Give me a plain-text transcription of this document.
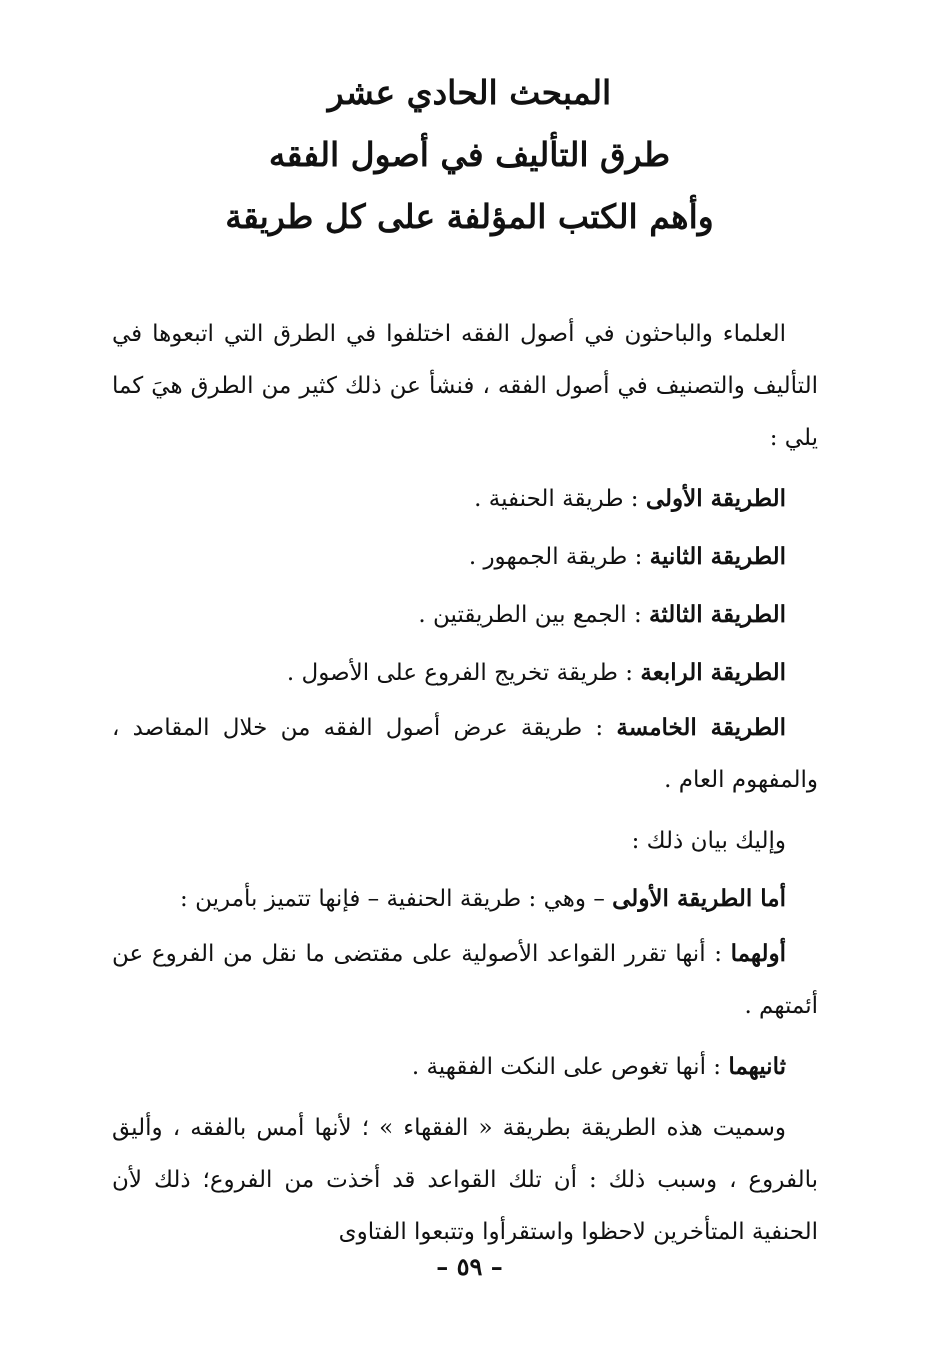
المبحث الحادي عشر
طرق التأليف في أصول الفقه
وأهم الكتب المؤلفة على كل طريقة

العلماء والباحثون في أصول الفقه اختلفوا في الطرق التي اتبعوها في التأليف والتصنيف في أصول الفقه ، فنشأ عن ذلك كثير من الطرق هيَ كما يلي :

الطريقة الأولى : طريقة الحنفية .
الطريقة الثانية : طريقة الجمهور .
الطريقة الثالثة : الجمع بين الطريقتين .
الطريقة الرابعة : طريقة تخريج الفروع على الأصول .

الطريقة الخامسة : طريقة عرض أصول الفقه من خلال المقاصد ، والمفهوم العام .

وإليك بيان ذلك :
أما الطريقة الأولى – وهي : طريقة الحنفية – فإنها تتميز بأمرين :

أولهما : أنها تقرر القواعد الأصولية على مقتضى ما نقل من الفروع عن أئمتهم .

ثانيهما : أنها تغوص على النكت الفقهية .

وسميت هذه الطريقة بطريقة « الفقهاء » ؛ لأنها أمس بالفقه ، وأليق بالفروع ، وسبب ذلك : أن تلك القواعد قد أخذت من الفروع؛ ذلك لأن الحنفية المتأخرين لاحظوا واستقرأوا وتتبعوا الفتاوى

– ٥٩ –
